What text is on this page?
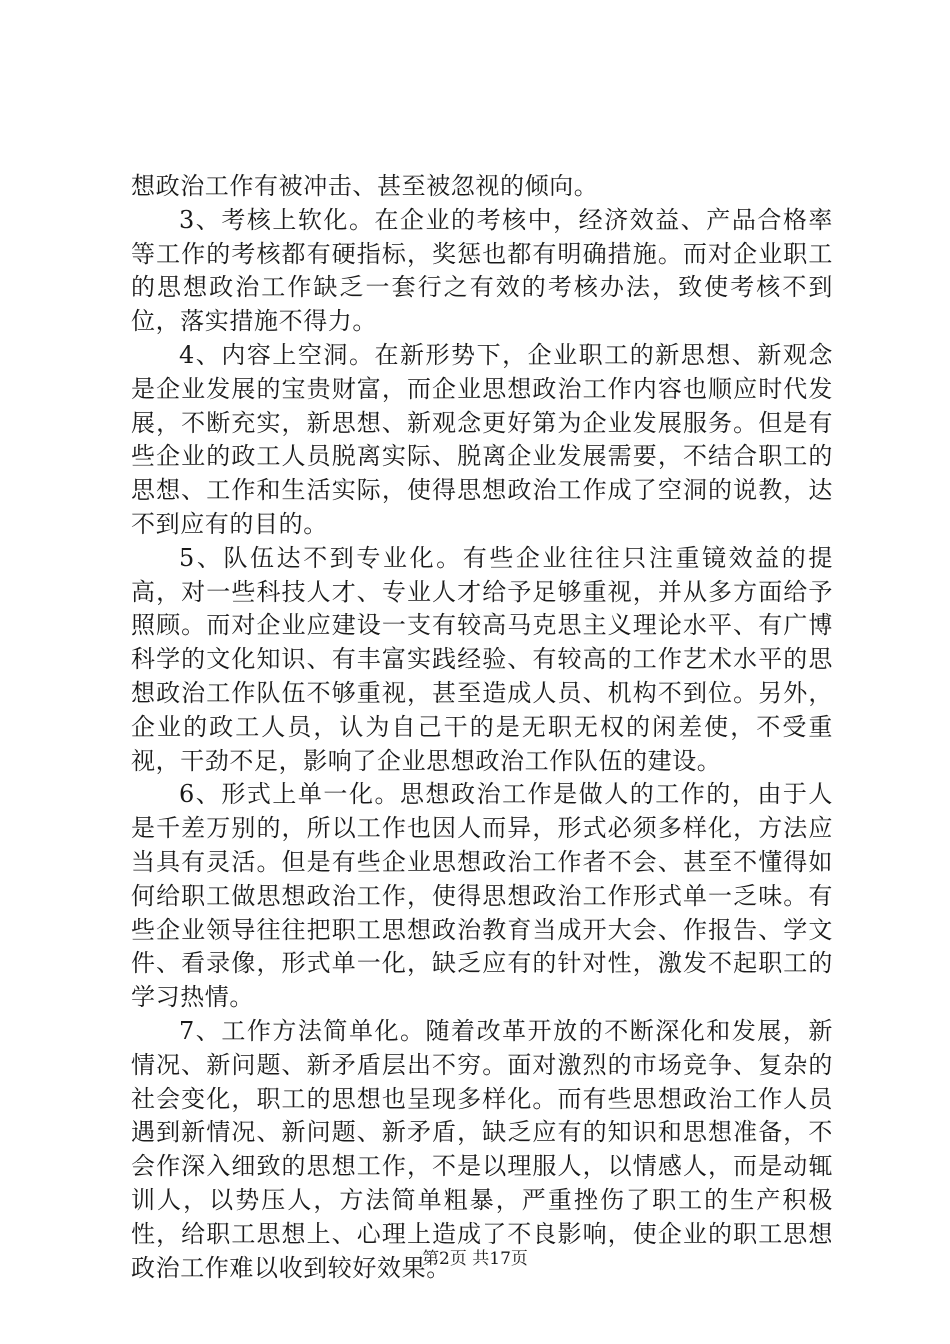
想政治工作有被冲击、甚至被忽视的倾向。

3、考核上软化。在企业的考核中，经济效益、产品合格率等工作的考核都有硬指标，奖惩也都有明确措施。而对企业职工的思想政治工作缺乏一套行之有效的考核办法，致使考核不到位，落实措施不得力。

4、内容上空洞。在新形势下，企业职工的新思想、新观念是企业发展的宝贵财富，而企业思想政治工作内容也顺应时代发展，不断充实，新思想、新观念更好第为企业发展服务。但是有些企业的政工人员脱离实际、脱离企业发展需要，不结合职工的思想、工作和生活实际，使得思想政治工作成了空洞的说教，达不到应有的目的。

5、队伍达不到专业化。有些企业往往只注重镜效益的提高，对一些科技人才、专业人才给予足够重视，并从多方面给予照顾。而对企业应建设一支有较高马克思主义理论水平、有广博科学的文化知识、有丰富实践经验、有较高的工作艺术水平的思想政治工作队伍不够重视，甚至造成人员、机构不到位。另外，企业的政工人员，认为自己干的是无职无权的闲差使，不受重视，干劲不足，影响了企业思想政治工作队伍的建设。

6、形式上单一化。思想政治工作是做人的工作的，由于人是千差万别的，所以工作也因人而异，形式必须多样化，方法应当具有灵活。但是有些企业思想政治工作者不会、甚至不懂得如何给职工做思想政治工作，使得思想政治工作形式单一乏味。有些企业领导往往把职工思想政治教育当成开大会、作报告、学文件、看录像，形式单一化，缺乏应有的针对性，激发不起职工的学习热情。

7、工作方法简单化。随着改革开放的不断深化和发展，新情况、新问题、新矛盾层出不穷。面对激烈的市场竞争、复杂的社会变化，职工的思想也呈现多样化。而有些思想政治工作人员遇到新情况、新问题、新矛盾，缺乏应有的知识和思想准备，不会作深入细致的思想工作，不是以理服人，以情感人，而是动辄训人，以势压人，方法简单粗暴，严重挫伤了职工的生产积极性，给职工思想上、心理上造成了不良影响，使企业的职工思想政治工作难以收到较好效果。

第2页 共17页
